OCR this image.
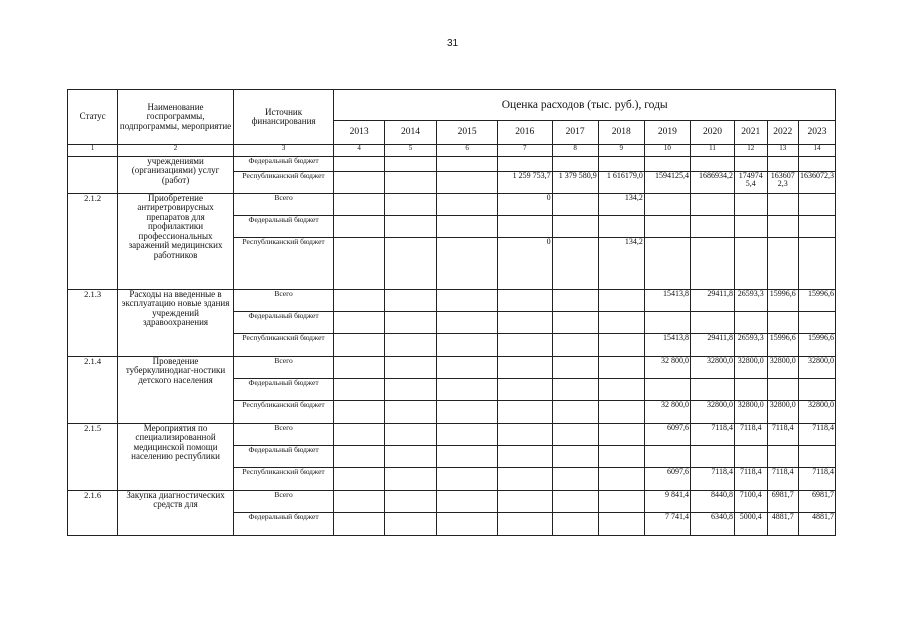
31
Статус	Наименование госпрограммы, подпрограммы, мероприятие	Источник финансирования	Оценка расходов (тыс. руб.), годы										
			2013	2014	2015	2016	2017	2018	2019	2020	2021	2022	2023
1	2	3	4	5	6	7	8	9	10	11	12	13	14
	учреждениями (организациями) услуг (работ)	Федеральный бюджет											
		Республиканский бюджет				1 259 753,7	1 379 580,9	1 616179,0	1594125,4	1686934,2	1749745,4	1636072,3	1636072,3
2.1.2	Приобретение антиретровирусных препаратов для профилактики профессиональных заражений медицинских работников	Всего				0		134,2					
		Федеральный бюджет											
		Республиканский бюджет				0		134,2					
2.1.3	Расходы на введенные в эксплуатацию новые здания учреждений здравоохранения	Всего							15413,8	29411,8	26593,3	15996,6	15996,6
		Федеральный бюджет											
		Республиканский бюджет							15413,8	29411,8	26593,3	15996,6	15996,6
2.1.4	Проведение туберкулинодиаг-ностики детского населения	Всего							32 800,0	32800,0	32800,0	32800,0	32800,0
		Федеральный бюджет											
		Республиканский бюджет							32 800,0	32800,0	32800,0	32800,0	32800,0
2.1.5	Мероприятия по специализированной медицинской помощи населению республики	Всего							6097,6	7118,4	7118,4	7118,4	7118,4
		Федеральный бюджет											
		Республиканский бюджет							6097,6	7118,4	7118,4	7118,4	7118,4
2.1.6	Закупка диагностических средств для	Всего							9 841,4	8440,8	7100,4	6981,7	6981,7
		Федеральный бюджет							7 741,4	6340,8	5000,4	4881,7	4881,7
